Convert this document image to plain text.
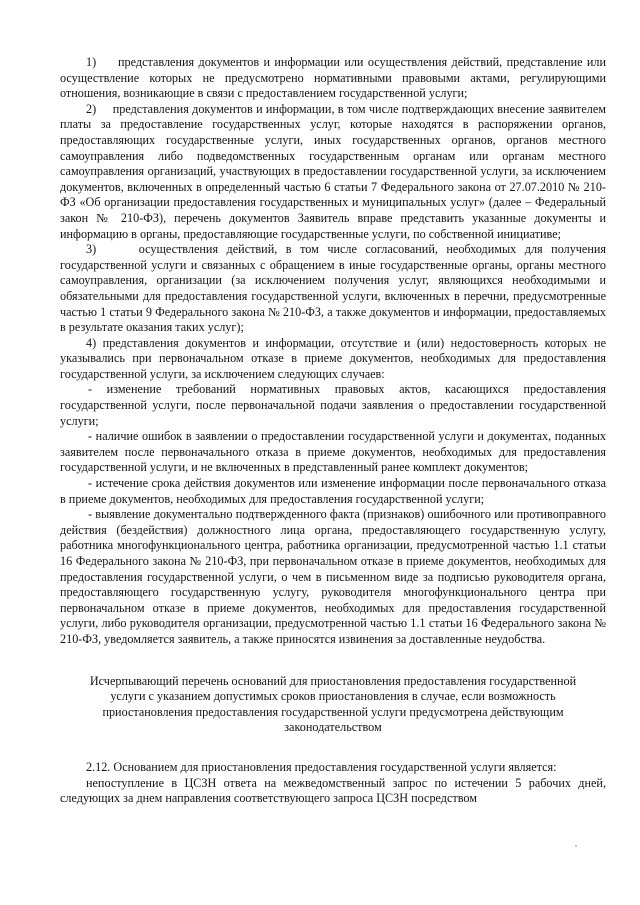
1)     представления документов и информации или осуществления действий, представление или осуществление которых не предусмотрено нормативными правовыми актами, регулирующими отношения, возникающие в связи с предоставлением государственной услуги;

2)     представления документов и информации, в том числе подтверждающих внесение заявителем платы за предоставление государственных услуг, которые находятся в распоряжении органов, предоставляющих государственные услуги, иных государственных органов, органов местного самоуправления либо подведомственных государственным органам или органам местного самоуправления организаций, участвующих в предоставлении государственной услуги, за исключением документов, включенных в определенный частью 6 статьи 7 Федерального закона от 27.07.2010 № 210-ФЗ «Об организации предоставления государственных и муниципальных услуг» (далее – Федеральный закон № 210-ФЗ), перечень документов Заявитель вправе представить указанные документы и информацию в органы, предоставляющие государственные услуги, по собственной инициативе;

3)     осуществления действий, в том числе согласований, необходимых для получения государственной услуги и связанных с обращением в иные государственные органы, органы местного самоуправления, организации (за исключением получения услуг, являющихся необходимыми и обязательными для предоставления государственной услуги, включенных в перечни, предусмотренные частью 1 статьи 9 Федерального закона № 210-ФЗ, а также документов и информации, предоставляемых в результате оказания таких услуг);

4) представления документов и информации, отсутствие и (или) недостоверность которых не указывались при первоначальном отказе в приеме документов, необходимых для предоставления государственной услуги, за исключением следующих случаев:

- изменение требований нормативных правовых актов, касающихся предоставления государственной услуги, после первоначальной подачи заявления о предоставлении государственной услуги;

- наличие ошибок в заявлении о предоставлении государственной услуги и документах, поданных заявителем после первоначального отказа в приеме документов, необходимых для предоставления государственной услуги, и не включенных в представленный ранее комплект документов;

- истечение срока действия документов или изменение информации после первоначального отказа в приеме документов, необходимых для предоставления государственной услуги;

- выявление документально подтвержденного факта (признаков) ошибочного или противоправного действия (бездействия) должностного лица органа, предоставляющего государственную услугу, работника многофункционального центра, работника организации, предусмотренной частью 1.1 статьи 16 Федерального закона № 210-ФЗ, при первоначальном отказе в приеме документов, необходимых для предоставления государственной услуги, о чем в письменном виде за подписью руководителя органа, предоставляющего государственную услугу, руководителя многофункционального центра при первоначальном отказе в приеме документов, необходимых для предоставления государственной услуги, либо руководителя организации, предусмотренной частью 1.1 статьи 16 Федерального закона № 210-ФЗ, уведомляется заявитель, а также приносятся извинения за доставленные неудобства.

Исчерпывающий перечень оснований для приостановления предоставления государственной услуги с указанием допустимых сроков приостановления в случае, если возможность приостановления предоставления государственной услуги предусмотрена действующим законодательством

2.12. Основанием для приостановления предоставления государственной услуги является:

непоступление в ЦСЗН ответа на межведомственный запрос по истечении 5 рабочих дней, следующих за днем направления соответствующего запроса ЦСЗН посредством
